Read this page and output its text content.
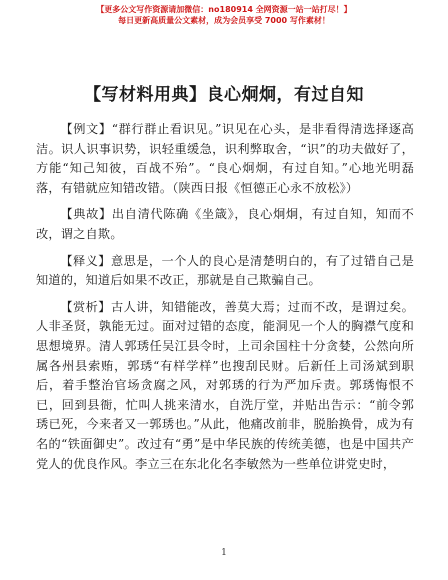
【更多公文写作资源请加微信：no180914 全网资源一站一站打尽！】
每日更新高质量公文素材，成为会员享受 7000 写作素材！
【写材料用典】良心炯炯，有过自知

【例文】“群行群止看识见。”识见在心头，是非看得清选择逐高洁。识人识事识势，识轻重缓急，识利弊取舍，“识”的功夫做好了，方能“知己知彼，百战不殆”。“良心炯炯，有过自知。”心地光明磊落，有错就应知错改错。（陕西日报《恒德正心永不放松》）

【典故】出自清代陈确《坐箴》，良心炯炯，有过自知，知而不改，谓之自欺。

【释义】意思是，一个人的良心是清楚明白的，有了过错自己是知道的，知道后如果不改正，那就是自己欺骗自己。

【赏析】古人讲，知错能改，善莫大焉；过而不改，是谓过矣。人非圣贤，孰能无过。面对过错的态度，能洞见一个人的胸襟气度和思想境界。清人郭琇任吴江县令时，上司余国柱十分贪婪，公然向所属各州县索贿，郭琇“有样学样”也搜刮民财。后新任上司汤斌到职后，着手整治官场贪腐之风，对郭琇的行为严加斥责。郭琇悔恨不已，回到县衙，忙叫人挑来清水，自洗厅堂，并贴出告示：“前令郭琇已死，今来者又一郭琇也。”从此，他痛改前非，脱胎换骨，成为有名的“铁面御史”。改过有“勇”是中华民族的传统美德，也是中国共产党人的优良作风。李立三在东北化名李敏然为一些单位讲党史时，

1
